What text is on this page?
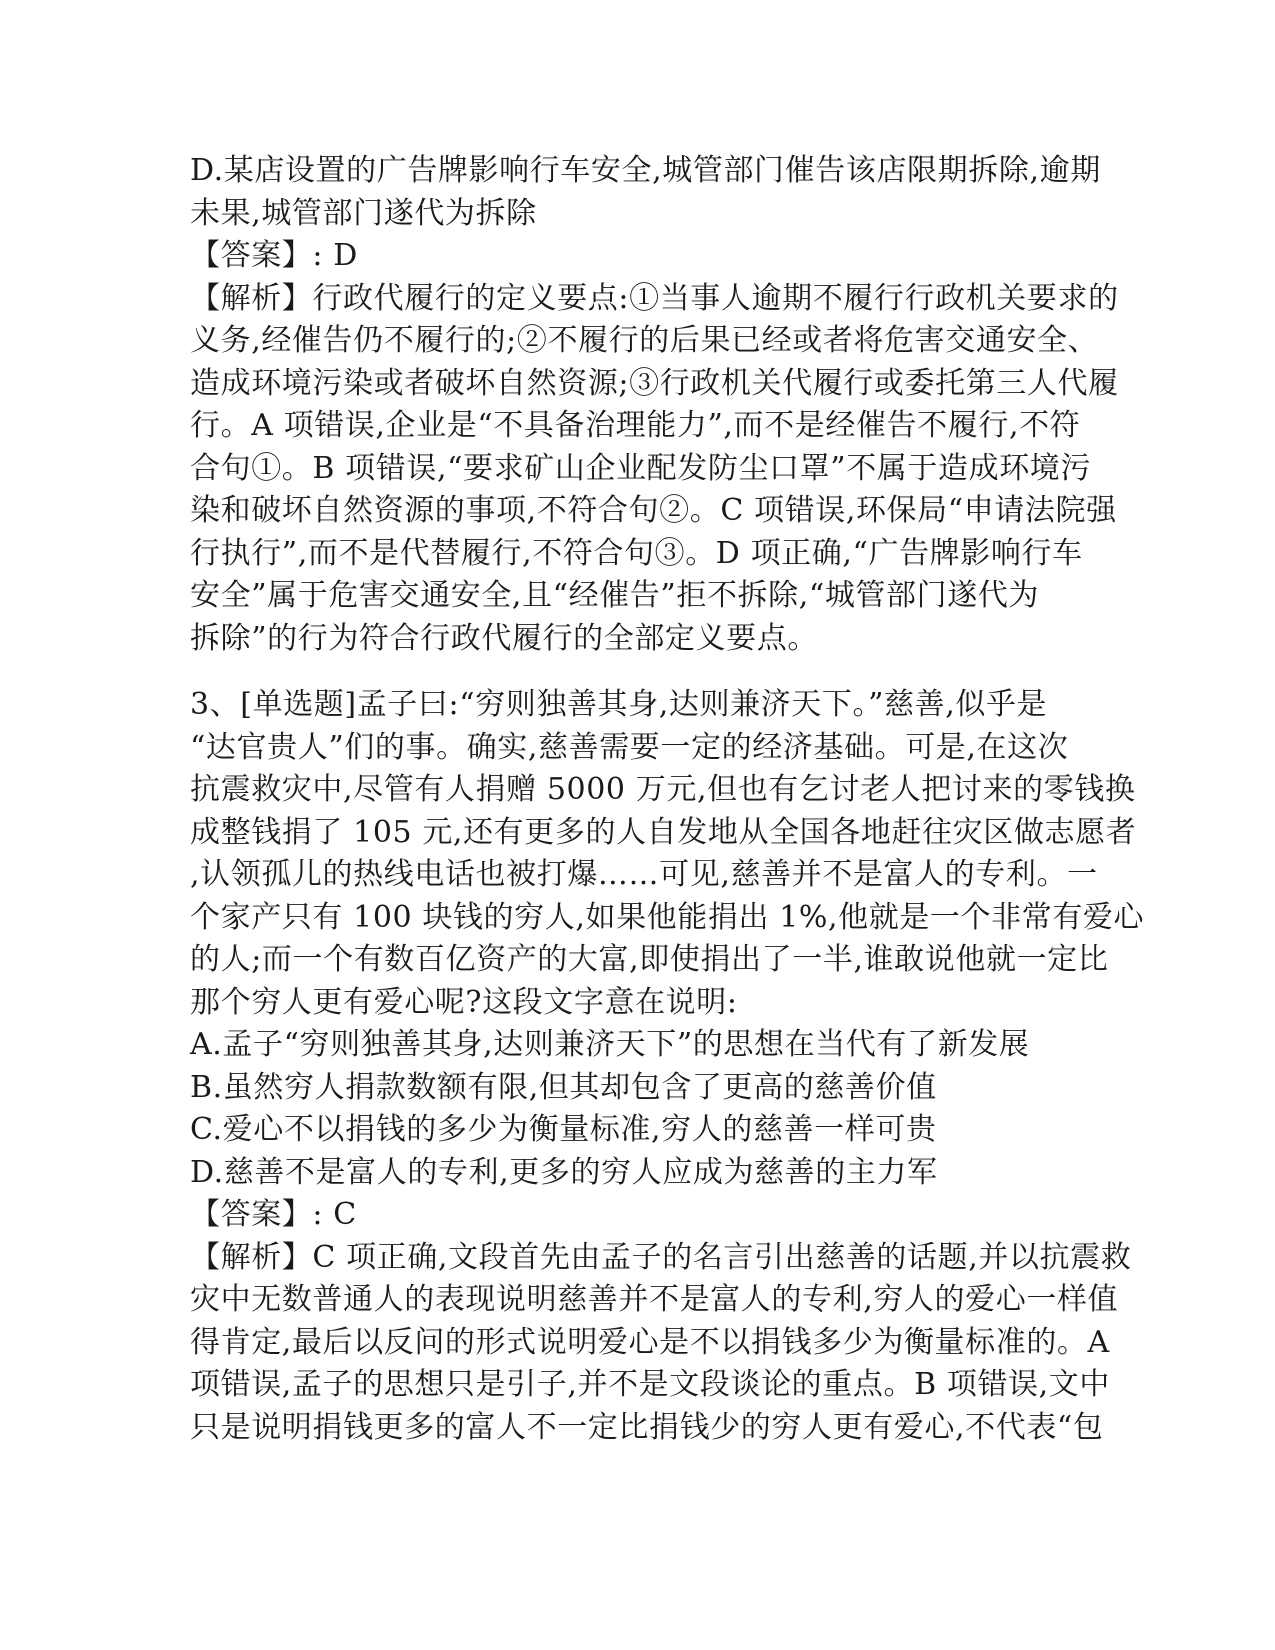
D.某店设置的广告牌影响行车安全,城管部门催告该店限期拆除,逾期
未果,城管部门遂代为拆除
【答案】: D
【解析】行政代履行的定义要点:①当事人逾期不履行行政机关要求的
义务,经催告仍不履行的;②不履行的后果已经或者将危害交通安全、
造成环境污染或者破坏自然资源;③行政机关代履行或委托第三人代履
行。A 项错误,企业是“不具备治理能力”,而不是经催告不履行,不符
合句①。B 项错误,“要求矿山企业配发防尘口罩”不属于造成环境污
染和破坏自然资源的事项,不符合句②。C 项错误,环保局“申请法院强
行执行”,而不是代替履行,不符合句③。D 项正确,“广告牌影响行车
安全”属于危害交通安全,且“经催告”拒不拆除,“城管部门遂代为
拆除”的行为符合行政代履行的全部定义要点。
3、[单选题]孟子曰:“穷则独善其身,达则兼济天下。”慈善,似乎是
“达官贵人”们的事。确实,慈善需要一定的经济基础。可是,在这次
抗震救灾中,尽管有人捐赠 5000 万元,但也有乞讨老人把讨来的零钱换
成整钱捐了 105 元,还有更多的人自发地从全国各地赶往灾区做志愿者
,认领孤儿的热线电话也被打爆……可见,慈善并不是富人的专利。一
个家产只有 100 块钱的穷人,如果他能捐出 1%,他就是一个非常有爱心
的人;而一个有数百亿资产的大富,即使捐出了一半,谁敢说他就一定比
那个穷人更有爱心呢?这段文字意在说明:
A.孟子“穷则独善其身,达则兼济天下”的思想在当代有了新发展
B.虽然穷人捐款数额有限,但其却包含了更高的慈善价值
C.爱心不以捐钱的多少为衡量标准,穷人的慈善一样可贵
D.慈善不是富人的专利,更多的穷人应成为慈善的主力军
【答案】: C
【解析】C 项正确,文段首先由孟子的名言引出慈善的话题,并以抗震救
灾中无数普通人的表现说明慈善并不是富人的专利,穷人的爱心一样值
得肯定,最后以反问的形式说明爱心是不以捐钱多少为衡量标准的。A
项错误,孟子的思想只是引子,并不是文段谈论的重点。B 项错误,文中
只是说明捐钱更多的富人不一定比捐钱少的穷人更有爱心,不代表“包
